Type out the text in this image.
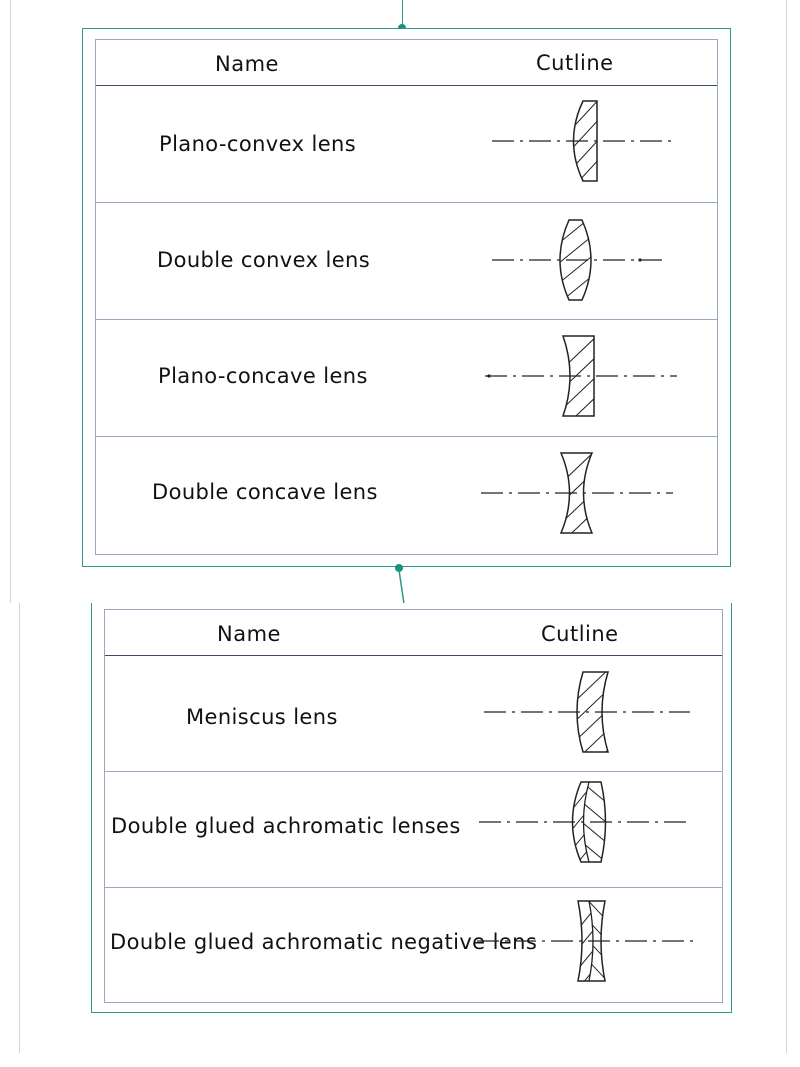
Name	Cutline
Plano-convex lens
Double convex lens
Plano-concave lens
Double concave lens
Name	Cutline
Meniscus lens
Double glued achromatic lenses
Double glued achromatic negative lens
